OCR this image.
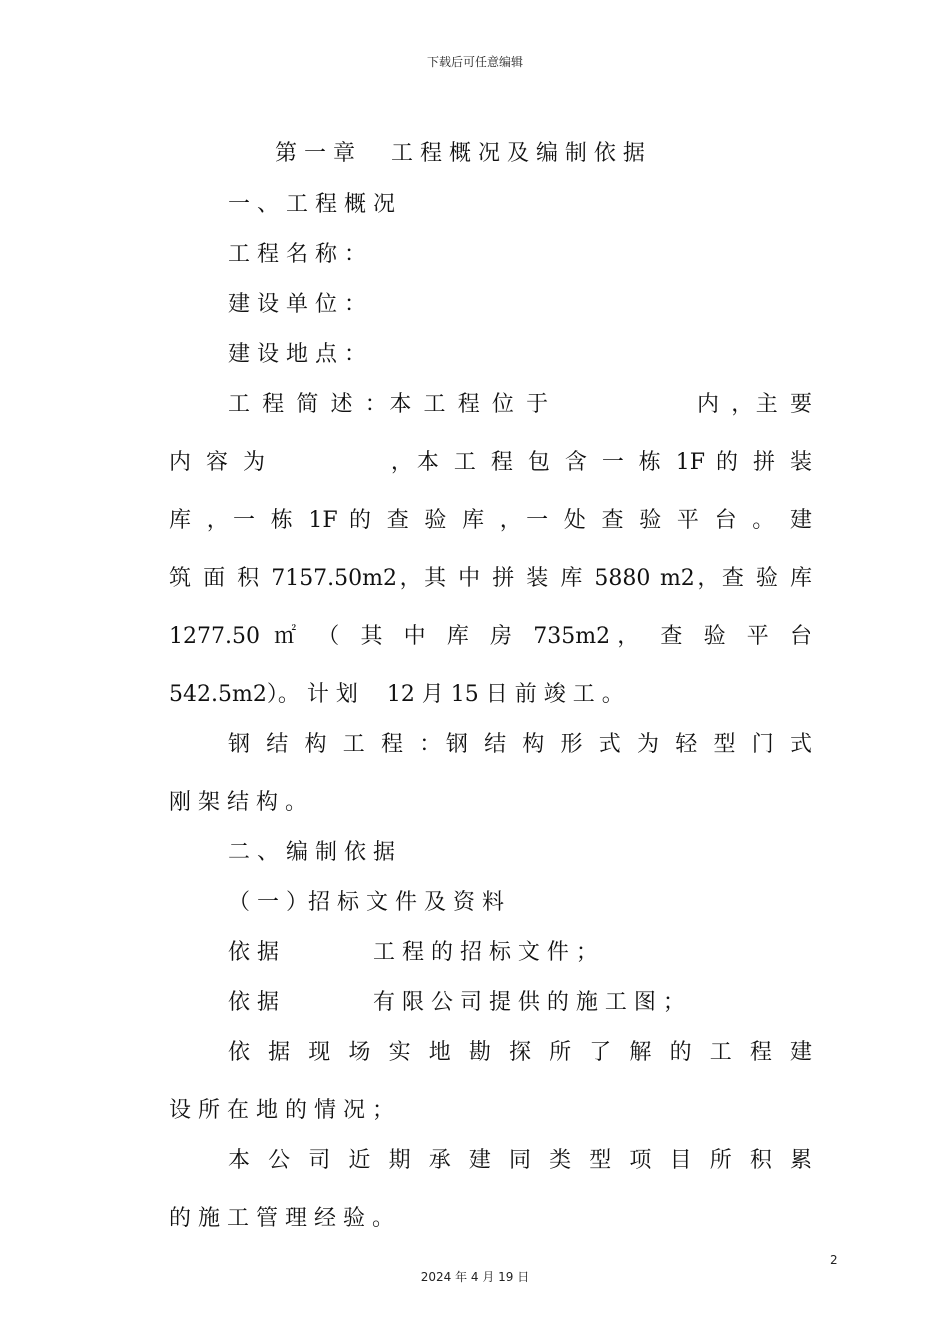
下载后可任意编辑
第 一 章 　 工 程 概 况 及 编 制 依 据
一 、 工 程 概 况
工 程 名 称 ：
建 设 单 位 ：
建 设 地 点 ：
工 程 简 述 ：本 工 程 位 于 　 　 　 　 内 ，主 要
内 容 为 　 　 　 ，本 工 程 包 含 一 栋 1F 的 拼 装
库 ，一 栋 1F 的 查 验 库 ，一 处 查 验 平 台 。 建
筑 面 积 7157.50m2，其 中 拼 装 库 5880 m2，查 验 库
1277.50 ㎡ （ 其 中 库 房 735m2， 查 验 平 台
542.5m2）。 计 划 　12 月 15 日 前 竣 工 。
钢 结 构 工 程 ：钢 结 构 形 式 为 轻 型 门 式
刚 架 结 构 。
二 、 编 制 依 据
（ 一 ）招 标 文 件 及 资 料
依 据 　 　 　 工 程 的 招 标 文 件 ；
依 据 　 　 　 有 限 公 司 提 供 的 施 工 图 ；
依 据 现 场 实 地 勘 探 所 了 解 的 工 程 建
设 所 在 地 的 情 况 ；
本 公 司 近 期 承 建 同 类 型 项 目 所 积 累
的 施 工 管 理 经 验 。
2
2024 年 4 月 19 日
